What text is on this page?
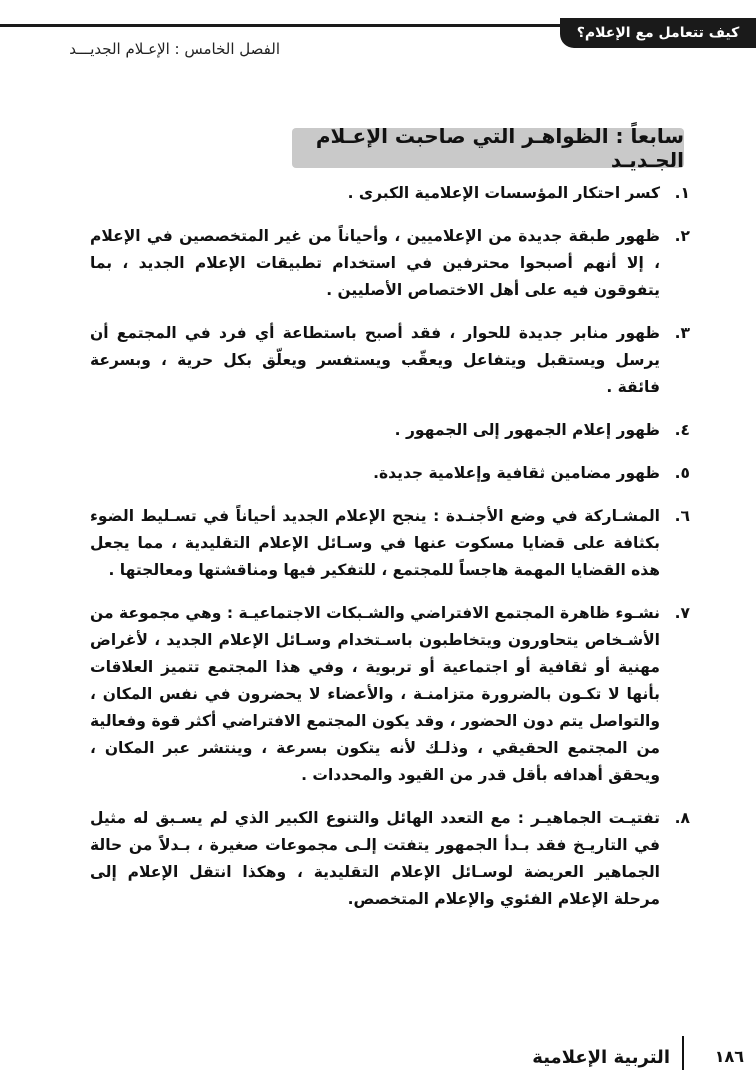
كيف تتعامل مع الإعلام؟
الفصل الخامس : الإعـلام الجديـــد
سابعاً : الظواهـر التي صاحبت الإعـلام الجـديـد
١.
كسر احتكار المؤسسات الإعلامية الكبرى .
٢.
ظهور طبقة جديدة من الإعلاميين ، وأحياناً من غير المتخصصين في الإعلام ، إلا أنهم أصبحوا محترفين في استخدام تطبيقات الإعلام الجديد ، بما يتفوقون فيه على أهل الاختصاص الأصليين .
٣.
ظهور منابر جديدة للحوار ، فقد أصبح باستطاعة أي فرد في المجتمع أن يرسل ويستقبل ويتفاعل ويعقّب ويستفسر ويعلّق بكل حرية ، وبسرعة فائقة .
٤.
ظهور إعلام الجمهور إلى الجمهور .
٥.
ظهور مضامين ثقافية وإعلامية جديدة.
٦.
المشـاركة في وضع الأجنـدة : ينجح الإعلام الجديد أحياناً في تسـليط الضوء بكثافة على قضايا مسكوت عنها في وسـائل الإعلام التقليدية ، مما يجعل هذه القضايا المهمة هاجساً للمجتمع ، للتفكير فيها ومناقشتها ومعالجتها .
٧.
نشـوء ظاهرة المجتمع الافتراضي والشـبكات الاجتماعيـة : وهي مجموعة من الأشـخاص يتحاورون ويتخاطبون باسـتخدام وسـائل الإعلام الجديد ، لأغراض مهنية أو ثقافية أو اجتماعية أو تربوية ، وفي هذا المجتمع تتميز العلاقات بأنها لا تكـون بالضرورة متزامنـة ، والأعضاء لا يحضرون في نفس المكان ، والتواصل يتم دون الحضور ، وقد يكون المجتمع الافتراضي أكثر قوة وفعالية من المجتمع الحقيقي ، وذلـك لأنه يتكون بسرعة ، وينتشر عبر المكان ، ويحقق أهدافه بأقل قدر من القيود والمحددات .
٨.
تفتيـت الجماهيـر : مع التعدد الهائل والتنوع الكبير الذي لم يسـبق له مثيل في التاريـخ فقد بـدأ الجمهور يتفتت إلـى مجموعات صغيرة ، بـدلاً من حالة الجماهير العريضة لوسـائل الإعلام التقليدية ، وهكذا انتقل الإعلام إلى مرحلة الإعلام الفئوي والإعلام المتخصص.
التربية الإعلامية	١٨٦
